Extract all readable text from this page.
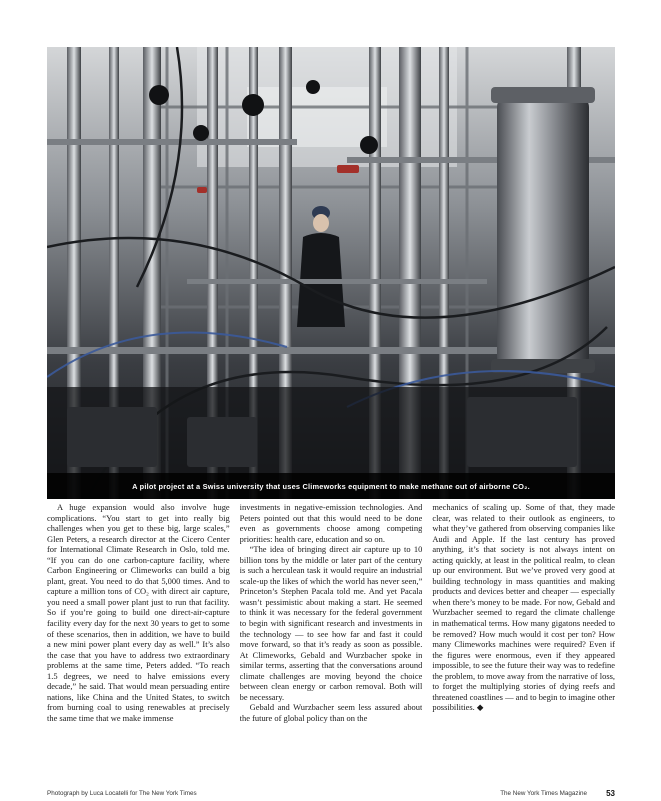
A pilot project at a Swiss university that uses Climeworks equipment to make methane out of airborne CO₂.

A huge expansion would also involve huge complications. “You start to get into really big challenges when you get to these big, large scales,” Glen Peters, a research director at the Cicero Center for International Climate Research in Oslo, told me. “If you can do one carbon-capture facility, where Carbon Engineering or Climeworks can build a big plant, great. You need to do that 5,000 times. And to capture a million tons of CO₂ with direct air capture, you need a small power plant just to run that facility. So if you’re going to build one direct-air-capture facility every day for the next 30 years to get to some of these scenarios, then in addition, we have to build a new mini power plant every day as well.” It’s also the case that you have to address two extraordinary problems at the same time, Peters added. “To reach 1.5 degrees, we need to halve emissions every decade,” he said. That would mean persuading entire nations, like China and the United States, to switch from burning coal to using renewables at precisely the same time that we make immense

investments in negative-emission technologies. And Peters pointed out that this would need to be done even as governments choose among competing priorities: health care, education and so on.

“The idea of bringing direct air capture up to 10 billion tons by the middle or later part of the century is such a herculean task it would require an industrial scale-up the likes of which the world has never seen,” Princeton’s Stephen Pacala told me. And yet Pacala wasn’t pessimistic about making a start. He seemed to think it was necessary for the federal government to begin with significant research and investments in the technology — to see how far and fast it could move forward, so that it’s ready as soon as possible. At Climeworks, Gebald and Wurzbacher spoke in similar terms, asserting that the conversations around climate challenges are moving beyond the choice between clean energy or carbon removal. Both will be necessary.

Gebald and Wurzbacher seem less assured about the future of global policy than on the

mechanics of scaling up. Some of that, they made clear, was related to their outlook as engineers, to what they’ve gathered from observing companies like Audi and Apple. If the last century has proved anything, it’s that society is not always intent on acting quickly, at least in the political realm, to clean up our environment. But we’ve proved very good at building technology in mass quantities and making products and devices better and cheaper — especially when there’s money to be made. For now, Gebald and Wurzbacher seemed to regard the climate challenge in mathematical terms. How many gigatons needed to be removed? How much would it cost per ton? How many Climeworks machines were required? Even if the figures were enormous, even if they appeared impossible, to see the future their way was to redefine the problem, to move away from the narrative of loss, to forget the multiplying stories of dying reefs and threatened coastlines — and to begin to imagine other possibilities. ◆

Photograph by Luca Locatelli for The New York Times	The New York Times Magazine 53
